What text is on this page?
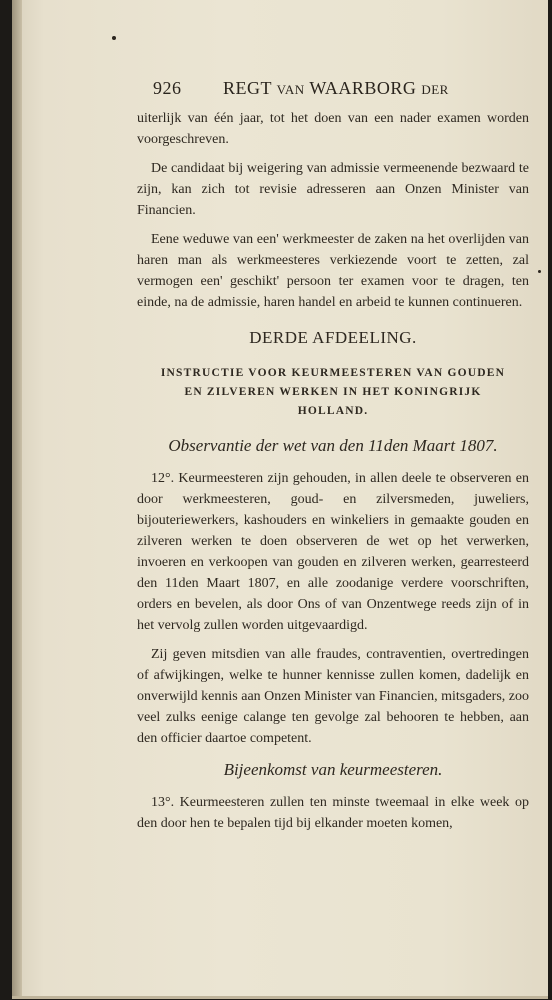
926 REGT van WAARBORG der

uiterlijk van één jaar, tot het doen van een nader examen worden voorgeschreven.

De candidaat bij weigering van admissie vermeenende bezwaard te zijn, kan zich tot revisie adresseren aan Onzen Minister van Financien.

Eene weduwe van een' werkmeester de zaken na het overlijden van haren man als werkmeesteres verkiezende voort te zetten, zal vermogen een' geschikt' persoon ter examen voor te dragen, ten einde, na de admissie, haren handel en arbeid te kunnen continueren.

DERDE AFDEELING.
INSTRUCTIE VOOR KEURMEESTEREN VAN GOUDEN
EN ZILVEREN WERKEN IN HET KONINGRIJK
HOLLAND.
Observantie der wet van den 11den Maart 1807.

12°. Keurmeesteren zijn gehouden, in allen deele te observeren en door werkmeesteren, goud- en zilversmeden, juweliers, bijouteriewerkers, kashouders en winkeliers in gemaakte gouden en zilveren werken te doen observeren de wet op het verwerken, invoeren en verkoopen van gouden en zilveren werken, gearresteerd den 11den Maart 1807, en alle zoodanige verdere voorschriften, orders en bevelen, als door Ons of van Onzentwege reeds zijn of in het vervolg zullen worden uitgevaardigd.

Zij geven mitsdien van alle fraudes, contraventien, overtredingen of afwijkingen, welke te hunner kennisse zullen komen, dadelijk en onverwijld kennis aan Onzen Minister van Financien, mitsgaders, zoo veel zulks eenige calange ten gevolge zal behooren te hebben, aan den officier daartoe competent.

Bijeenkomst van keurmeesteren.

13°. Keurmeesteren zullen ten minste tweemaal in elke week op den door hen te bepalen tijd bij elkander moeten komen,
